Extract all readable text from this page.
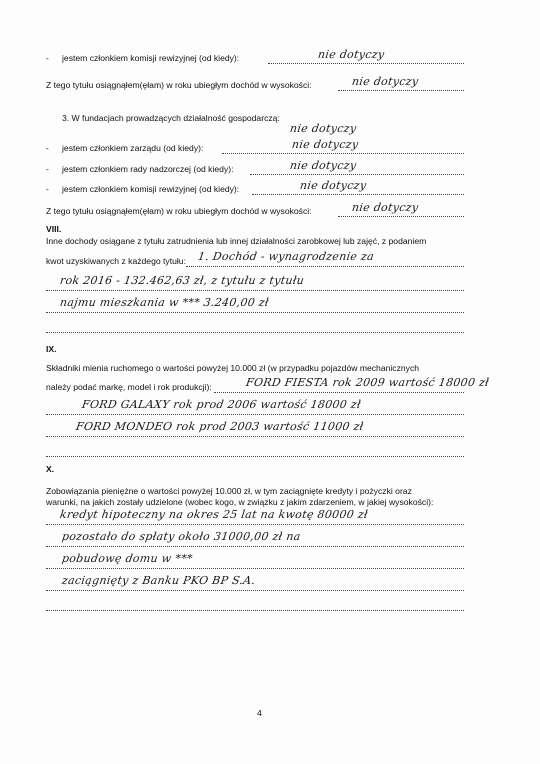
- jestem członkiem komisji rewizyjnej (od kiedy):	nie dotyczy
Z tego tytułu osiągnąłem(ęłam) w roku ubiegłym dochód w wysokości:	nie dotyczy
3. W fundacjach prowadzących działalność gospodarczą:
nie dotyczy
- jestem członkiem zarządu (od kiedy):	nie dotyczy
- jestem członkiem rady nadzorczej (od kiedy):	nie dotyczy
- jestem członkiem komisji rewizyjnej (od kiedy):	nie dotyczy
Z tego tytułu osiągnąłem(ęłam) w roku ubiegłym dochód w wysokości:	nie dotyczy
VIII.
Inne dochody osiągane z tytułu zatrudnienia lub innej działalności zarobkowej lub zajęć, z podaniem
kwot uzyskiwanych z każdego tytułu: 1. Dochód - wynagrodzenie za
rok 2016 - 132.462,63 zł, z tytułu z tytułu
najmu mieszkania w *** 3.240,00 zł
IX.
Składniki mienia ruchomego o wartości powyżej 10.000 zł (w przypadku pojazdów mechanicznych
należy podać markę, model i rok produkcji):	FORD FIESTA rok 2009 wartość 18000 zł
FORD GALAXY rok prod 2006 wartość 18000 zł
FORD MONDEO rok prod 2003 wartość 11000 zł
X.
Zobowiązania pieniężne o wartości powyżej 10.000 zł, w tym zaciągnięte kredyty i pożyczki oraz
warunki, na jakich zostały udzielone (wobec kogo, w związku z jakim zdarzeniem, w jakiej wysokości):
kredyt hipoteczny na okres 25 lat na kwotę 80000 zł
pozostało do spłaty około 31000,00 zł na
pobudowę domu w ***
zaciągnięty z Banku PKO BP S.A.
4
